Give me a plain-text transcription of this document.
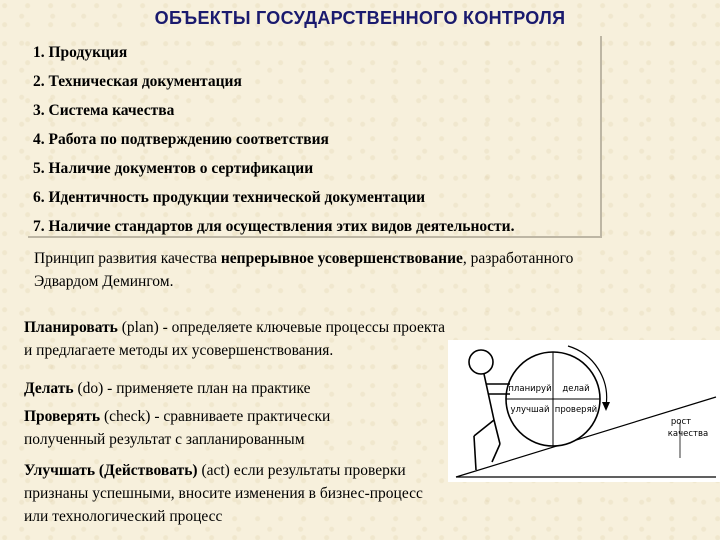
ОБЪЕКТЫ ГОСУДАРСТВЕННОГО КОНТРОЛЯ
1. Продукция
2. Техническая документация
3. Система качества
4. Работа по подтверждению соответствия
5. Наличие документов о сертификации
6. Идентичность продукции технической документации
7. Наличие стандартов для осуществления этих видов деятельности.
Принцип развития качества непрерывное усовершенствование, разработанного Эдвардом Демингом.
Планировать (plan) - определяете ключевые процессы проекта и предлагаете методы их усовершенствования.
Делать (do) - применяете план на практике
Проверять (check) - сравниваете практически полученный результат с запланированным
Улучшать (Действовать) (act) если результаты проверки признаны успешными, вносите изменения в бизнес-процесс или технологический процесс
планируй делай
улучшай проверяй
рост
качества
